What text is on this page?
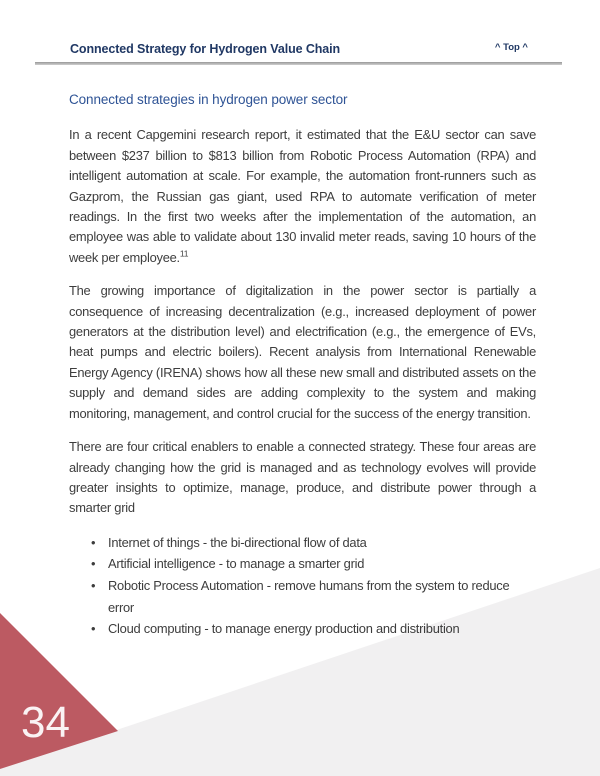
Connected Strategy for Hydrogen Value Chain	^ Top ^
Connected strategies in hydrogen power sector

In a recent Capgemini research report, it estimated that the E&U sector can save between $237 billion to $813 billion from Robotic Process Automation (RPA) and intelligent automation at scale. For example, the automation front-runners such as Gazprom, the Russian gas giant, used RPA to automate verification of meter readings. In the first two weeks after the implementation of the automation, an employee was able to validate about 130 invalid meter reads, saving 10 hours of the week per employee.$^{11}$

The growing importance of digitalization in the power sector is partially a consequence of increasing decentralization (e.g., increased deployment of power generators at the distribution level) and electrification (e.g., the emergence of EVs, heat pumps and electric boilers). Recent analysis from International Renewable Energy Agency (IRENA) shows how all these new small and distributed assets on the supply and demand sides are adding complexity to the system and making monitoring, management, and control crucial for the success of the energy transition.

There are four critical enablers to enable a connected strategy. These four areas are already changing how the grid is managed and as technology evolves will provide greater insights to optimize, manage, produce, and distribute power through a smarter grid

• Internet of things - the bi-directional flow of data
• Artificial intelligence - to manage a smarter grid
• Robotic Process Automation - remove humans from the system to reduce error
• Cloud computing - to manage energy production and distribution
34
